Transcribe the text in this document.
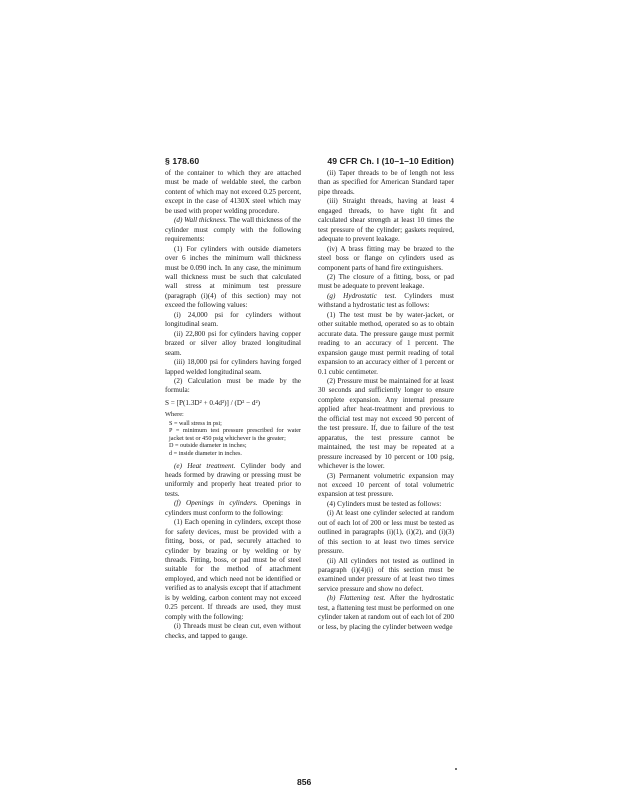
§ 178.60	49 CFR Ch. I (10–1–10 Edition)

of the container to which they are attached must be made of weldable steel, the carbon content of which may not exceed 0.25 percent, except in the case of 4130X steel which may be used with proper welding procedure.

(d) Wall thickness. The wall thickness of the cylinder must comply with the following requirements:

(1) For cylinders with outside diameters over 6 inches the minimum wall thickness must be 0.090 inch. In any case, the minimum wall thickness must be such that calculated wall stress at minimum test pressure (paragraph (i)(4) of this section) may not exceed the following values:

(i) 24,000 psi for cylinders without longitudinal seam.

(ii) 22,800 psi for cylinders having copper brazed or silver alloy brazed longitudinal seam.

(iii) 18,000 psi for cylinders having forged lapped welded longitudinal seam.

(2) Calculation must be made by the formula:

S = [P(1.3D² + 0.4d²)] / (D² − d²)

Where:

S = wall stress in psi;

P = minimum test pressure prescribed for water jacket test or 450 psig whichever is the greater;

D = outside diameter in inches;

d = inside diameter in inches.

(e) Heat treatment. Cylinder body and heads formed by drawing or pressing must be uniformly and properly heat treated prior to tests.

(f) Openings in cylinders. Openings in cylinders must conform to the following:

(1) Each opening in cylinders, except those for safety devices, must be provided with a fitting, boss, or pad, securely attached to cylinder by brazing or by welding or by threads. Fitting, boss, or pad must be of steel suitable for the method of attachment employed, and which need not be identified or verified as to analysis except that if attachment is by welding, carbon content may not exceed 0.25 percent. If threads are used, they must comply with the following:

(i) Threads must be clean cut, even without checks, and tapped to gauge.

(ii) Taper threads to be of length not less than as specified for American Standard taper pipe threads.

(iii) Straight threads, having at least 4 engaged threads, to have tight fit and calculated shear strength at least 10 times the test pressure of the cylinder; gaskets required, adequate to prevent leakage.

(iv) A brass fitting may be brazed to the steel boss or flange on cylinders used as component parts of hand fire extinguishers.

(2) The closure of a fitting, boss, or pad must be adequate to prevent leakage.

(g) Hydrostatic test. Cylinders must withstand a hydrostatic test as follows:

(1) The test must be by water-jacket, or other suitable method, operated so as to obtain accurate data. The pressure gauge must permit reading to an accuracy of 1 percent. The expansion gauge must permit reading of total expansion to an accuracy either of 1 percent or 0.1 cubic centimeter.

(2) Pressure must be maintained for at least 30 seconds and sufficiently longer to ensure complete expansion. Any internal pressure applied after heat-treatment and previous to the official test may not exceed 90 percent of the test pressure. If, due to failure of the test apparatus, the test pressure cannot be maintained, the test may be repeated at a pressure increased by 10 percent or 100 psig, whichever is the lower.

(3) Permanent volumetric expansion may not exceed 10 percent of total volumetric expansion at test pressure.

(4) Cylinders must be tested as follows:

(i) At least one cylinder selected at random out of each lot of 200 or less must be tested as outlined in paragraphs (i)(1), (i)(2), and (i)(3) of this section to at least two times service pressure.

(ii) All cylinders not tested as outlined in paragraph (i)(4)(i) of this section must be examined under pressure of at least two times service pressure and show no defect.

(h) Flattening test. After the hydrostatic test, a flattening test must be performed on one cylinder taken at random out of each lot of 200 or less, by placing the cylinder between wedge

856
